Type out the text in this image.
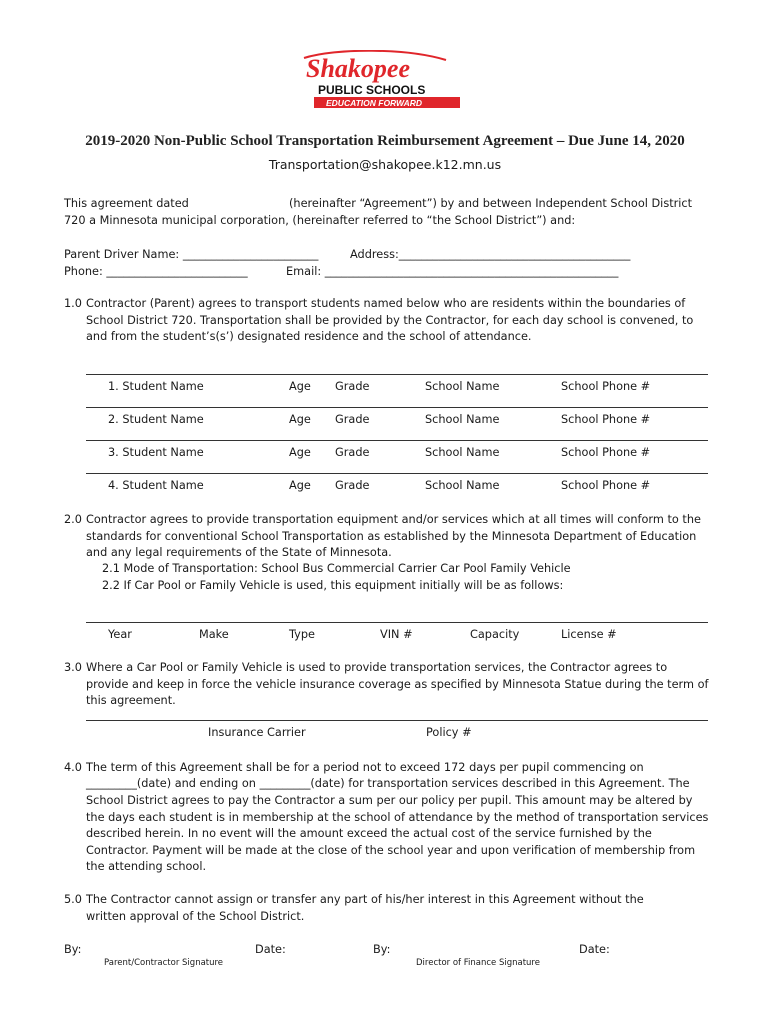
Shakopee
PUBLIC SCHOOLS
EDUCATION FORWARD
2019-2020 Non-Public School Transportation Reimbursement Agreement – Due June 14, 2020
Transportation@shakopee.k12.mn.us
This agreement dated	(hereinafter “Agreement”) by and between Independent School District
720 a Minnesota municipal corporation, (hereinafter referred to “the School District”) and:
Parent Driver Name: ________________________	Address:_________________________________________
Phone: _________________________	Email: ____________________________________________________
1.0 Contractor (Parent) agrees to transport students named below who are residents within the boundaries of School District 720. Transportation shall be provided by the Contractor, for each day school is convened, to and from the student’s(s’) designated residence and the school of attendance.
1. Student Name	Age Grade	School Name	School Phone #
2. Student Name	Age Grade	School Name	School Phone #
3. Student Name	Age Grade	School Name	School Phone #
4. Student Name	Age Grade	School Name	School Phone #
2.0 Contractor agrees to provide transportation equipment and/or services which at all times will conform to the standards for conventional School Transportation as established by the Minnesota Department of Education and any legal requirements of the State of Minnesota.
2.1 Mode of Transportation: School Bus Commercial Carrier Car Pool Family Vehicle
2.2 If Car Pool or Family Vehicle is used, this equipment initially will be as follows:
Year	Make	Type	VIN #	Capacity	License #
3.0 Where a Car Pool or Family Vehicle is used to provide transportation services, the Contractor agrees to provide and keep in force the vehicle insurance coverage as specified by Minnesota Statue during the term of this agreement.
Insurance Carrier	Policy #
4.0 The term of this Agreement shall be for a period not to exceed 172 days per pupil commencing on
_________(date) and ending on _________(date) for transportation services described in this Agreement. The
School District agrees to pay the Contractor a sum per our policy per pupil. This amount may be altered by the days each student is in membership at the school of attendance by the method of transportation services described herein. In no event will the amount exceed the actual cost of the service furnished by the Contractor. Payment will be made at the close of the school year and upon verification of membership from the attending school.
5.0 The Contractor cannot assign or transfer any part of his/her interest in this Agreement without the written approval of the School District.
By:	Date:	By:	Date:
Parent/Contractor Signature	Director of Finance Signature
